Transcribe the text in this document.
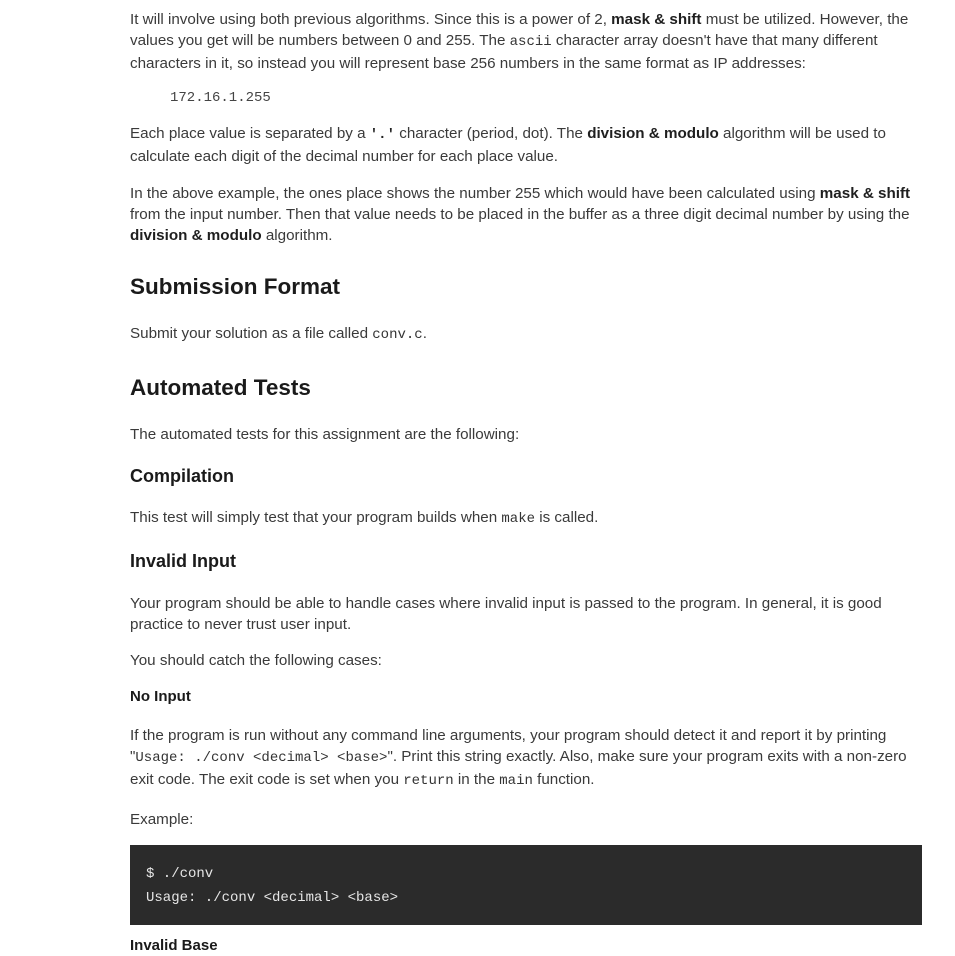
It will involve using both previous algorithms. Since this is a power of 2, mask & shift must be utilized. However, the values you get will be numbers between 0 and 255. The ascii character array doesn't have that many different characters in it, so instead you will represent base 256 numbers in the same format as IP addresses:

172.16.1.255

Each place value is separated by a '.' character (period, dot). The division & modulo algorithm will be used to calculate each digit of the decimal number for each place value.

In the above example, the ones place shows the number 255 which would have been calculated using mask & shift from the input number. Then that value needs to be placed in the buffer as a three digit decimal number by using the division & modulo algorithm.

Submission Format

Submit your solution as a file called conv.c.

Automated Tests

The automated tests for this assignment are the following:

Compilation

This test will simply test that your program builds when make is called.

Invalid Input

Your program should be able to handle cases where invalid input is passed to the program. In general, it is good practice to never trust user input.

You should catch the following cases:

No Input

If the program is run without any command line arguments, your program should detect it and report it by printing "Usage: ./conv <decimal> <base>". Print this string exactly. Also, make sure your program exits with a non-zero exit code. The exit code is set when you return in the main function.

Example:

$ ./conv
Usage: ./conv <decimal> <base>
Invalid Base
